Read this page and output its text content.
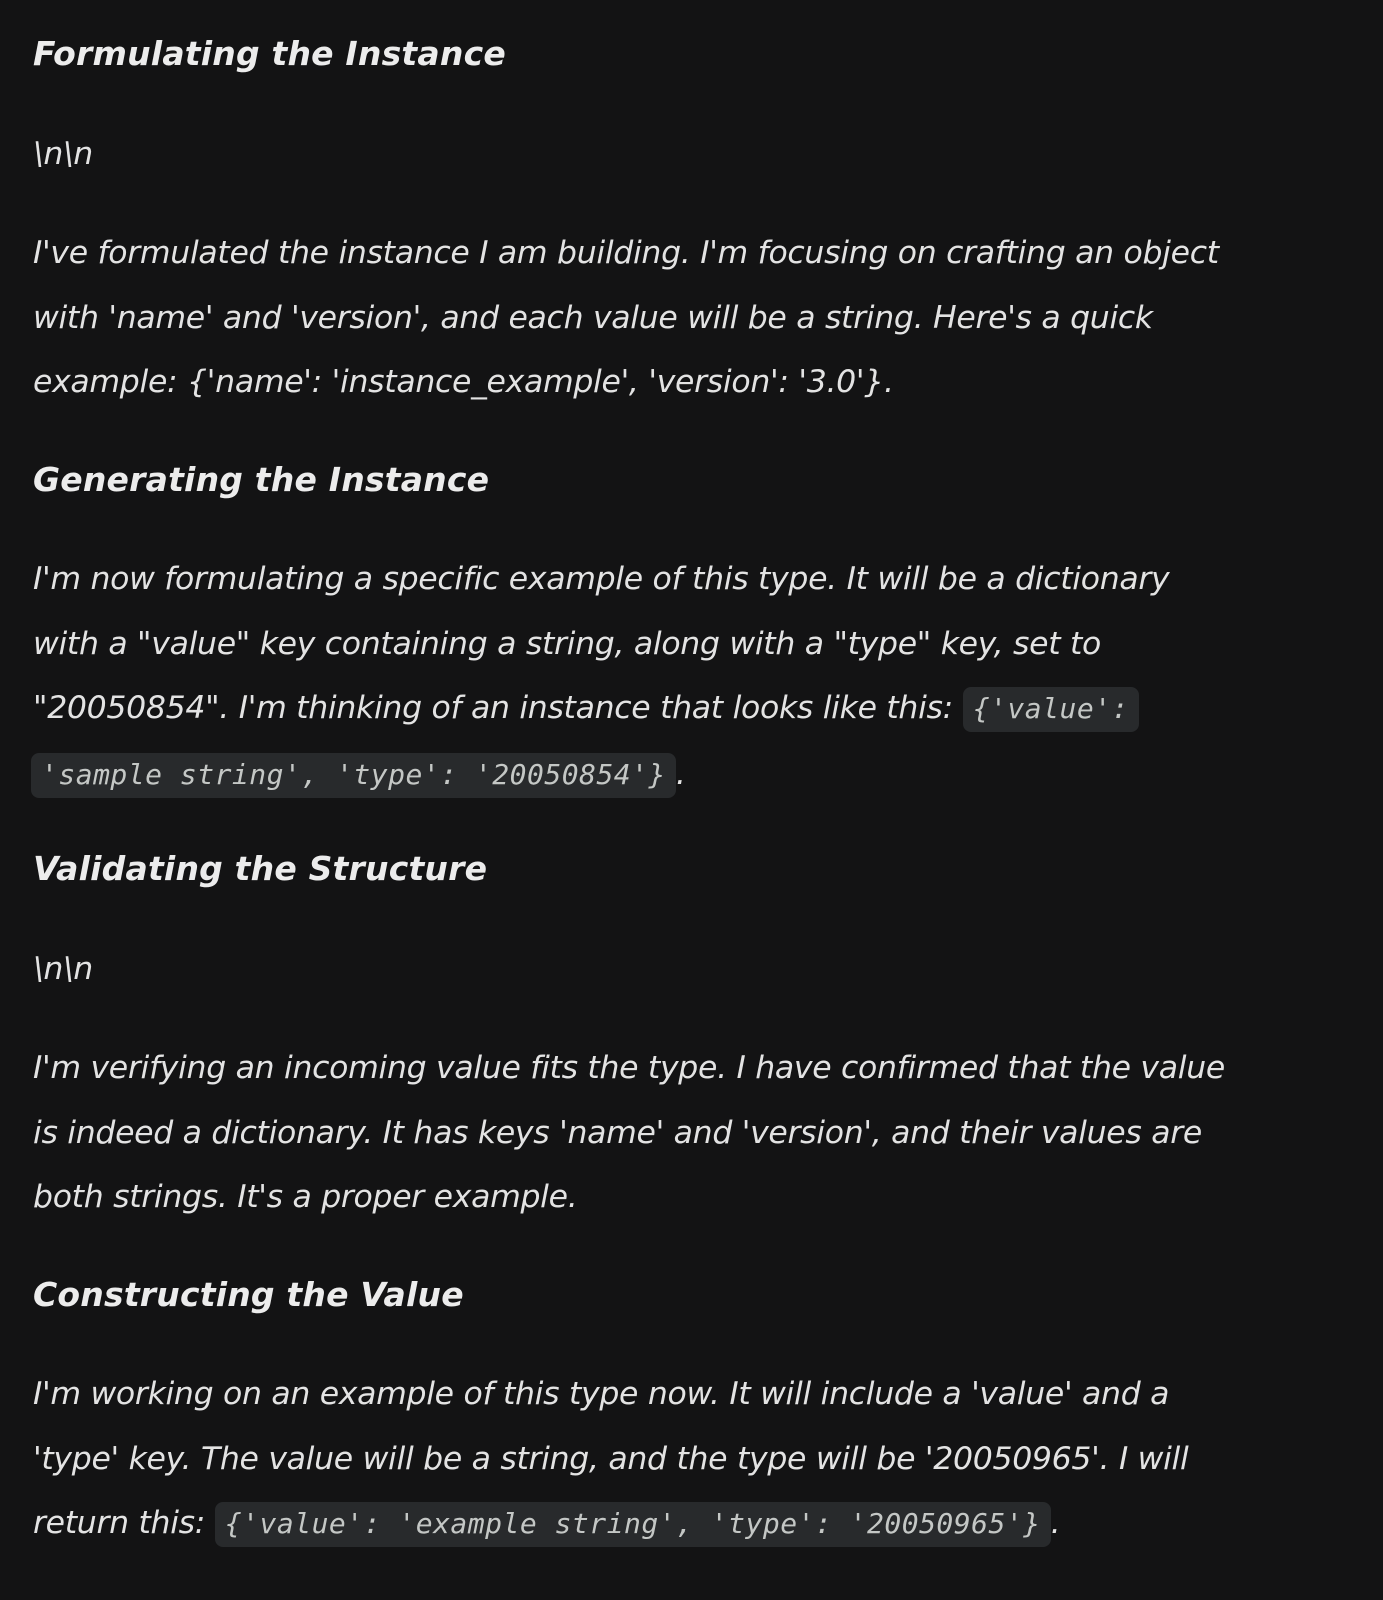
Formulating the Instance
\n\n
I've formulated the instance I am building. I'm focusing on crafting an object
with 'name' and 'version', and each value will be a string. Here's a quick
example: {'name': 'instance_example', 'version': '3.0'}.
Generating the Instance
I'm now formulating a specific example of this type. It will be a dictionary
with a "value" key containing a string, along with a "type" key, set to
"20050854". I'm thinking of an instance that looks like this: {'value':
'sample string', 'type': '20050854'} .
Validating the Structure
\n\n
I'm verifying an incoming value fits the type. I have confirmed that the value
is indeed a dictionary. It has keys 'name' and 'version', and their values are
both strings. It's a proper example.
Constructing the Value
I'm working on an example of this type now. It will include a 'value' and a
'type' key. The value will be a string, and the type will be '20050965'. I will
return this: {'value': 'example string', 'type': '20050965'} .
